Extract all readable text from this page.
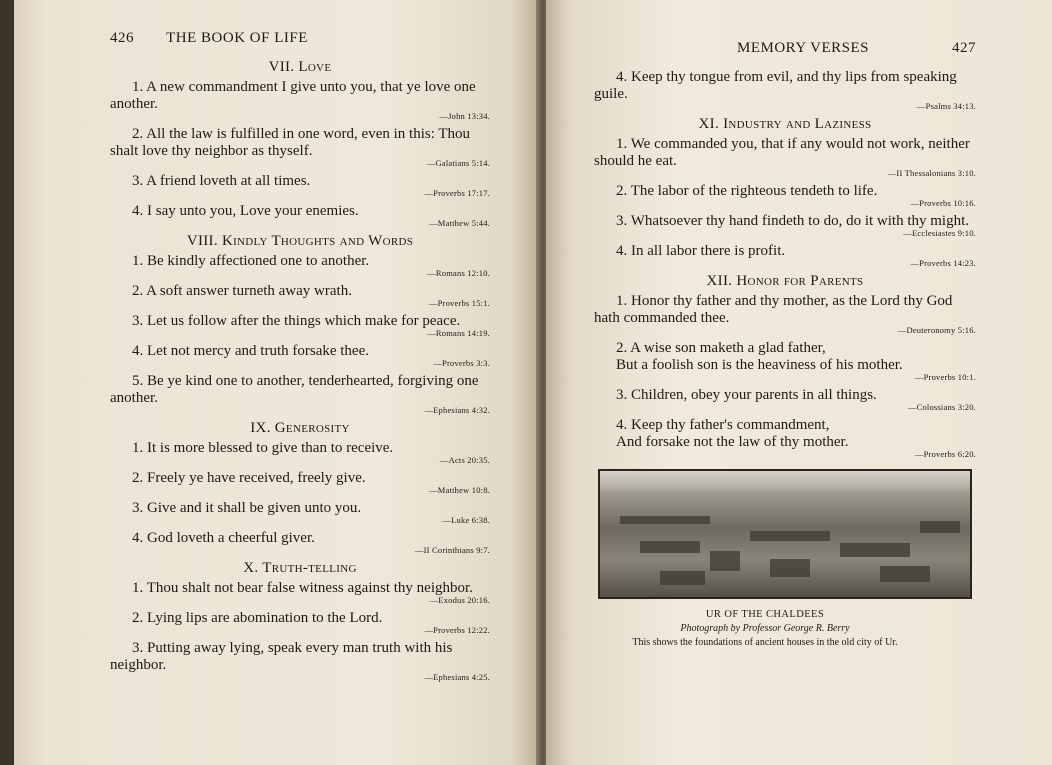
426	THE BOOK OF LIFE
VII. Love
1. A new commandment I give unto you, that ye love one another.
—John 13:34.
2. All the law is fulfilled in one word, even in this: Thou shalt love thy neighbor as thyself.
—Galatians 5:14.
3. A friend loveth at all times.
—Proverbs 17:17.
4. I say unto you, Love your enemies.
—Matthew 5:44.
VIII. Kindly Thoughts and Words
1. Be kindly affectioned one to another.
—Romans 12:10.
2. A soft answer turneth away wrath.
—Proverbs 15:1.
3. Let us follow after the things which make for peace.
—Romans 14:19.
4. Let not mercy and truth forsake thee.
—Proverbs 3:3.
5. Be ye kind one to another, tenderhearted, forgiving one another.
—Ephesians 4:32.
IX. Generosity
1. It is more blessed to give than to receive.
—Acts 20:35.
2. Freely ye have received, freely give.
—Matthew 10:8.
3. Give and it shall be given unto you.
—Luke 6:38.
4. God loveth a cheerful giver.
—II Corinthians 9:7.
X. Truth-telling
1. Thou shalt not bear false witness against thy neighbor.
—Exodus 20:16.
2. Lying lips are abomination to the Lord.
—Proverbs 12:22.
3. Putting away lying, speak every man truth with his neighbor.
—Ephesians 4:25.
MEMORY VERSES	427
4. Keep thy tongue from evil, and thy lips from speaking guile.
—Psalms 34:13.
XI. Industry and Laziness
1. We commanded you, that if any would not work, neither should he eat.
—II Thessalonians 3:10.
2. The labor of the righteous tendeth to life.
—Proverbs 10:16.
3. Whatsoever thy hand findeth to do, do it with thy might.
—Ecclesiastes 9:10.
4. In all labor there is profit.
—Proverbs 14:23.
XII. Honor for Parents
1. Honor thy father and thy mother, as the Lord thy God hath commanded thee.
—Deuteronomy 5:16.
2. A wise son maketh a glad father,
But a foolish son is the heaviness of his mother.
—Proverbs 10:1.
3. Children, obey your parents in all things.
—Colossians 3:20.
4. Keep thy father's commandment,
And forsake not the law of thy mother.
—Proverbs 6:20.
UR OF THE CHALDEES
Photograph by Professor George R. Berry
This shows the foundations of ancient houses in the old city of Ur.
